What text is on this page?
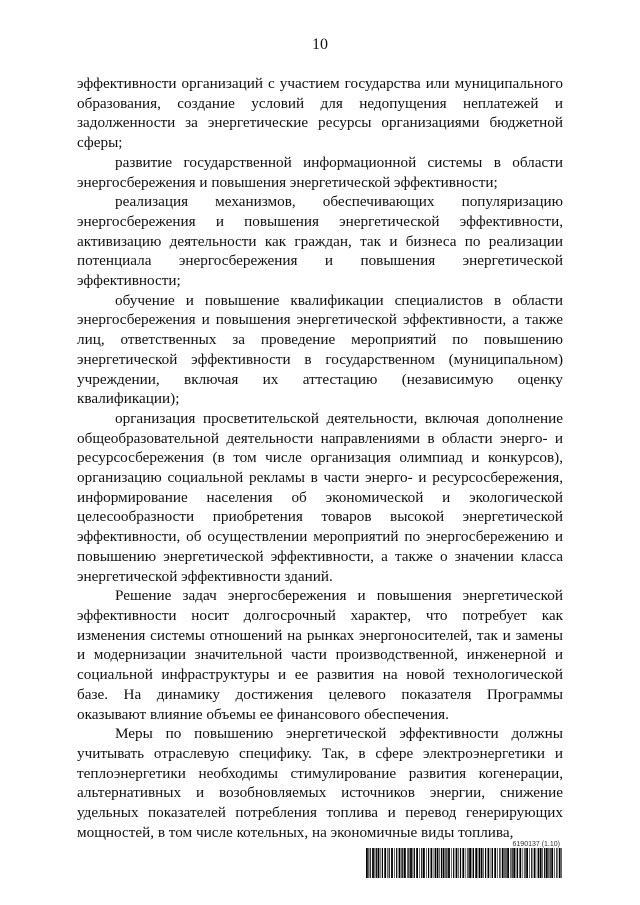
10

эффективности организаций с участием государства или муниципального образования, создание условий для недопущения неплатежей и задолженности за энергетические ресурсы организациями бюджетной сферы;

развитие государственной информационной системы в области энергосбережения и повышения энергетической эффективности;

реализация механизмов, обеспечивающих популяризацию энергосбережения и повышения энергетической эффективности, активизацию деятельности как граждан, так и бизнеса по реализации потенциала энергосбережения и повышения энергетической эффективности;

обучение и повышение квалификации специалистов в области энергосбережения и повышения энергетической эффективности, а также лиц, ответственных за проведение мероприятий по повышению энергетической эффективности в государственном (муниципальном) учреждении, включая их аттестацию (независимую оценку квалификации);

организация просветительской деятельности, включая дополнение общеобразовательной деятельности направлениями в области энерго- и ресурсосбережения (в том числе организация олимпиад и конкурсов), организацию социальной рекламы в части энерго- и ресурсосбережения, информирование населения об экономической и экологической целесообразности приобретения товаров высокой энергетической эффективности, об осуществлении мероприятий по энергосбережению и повышению энергетической эффективности, а также о значении класса энергетической эффективности зданий.

Решение задач энергосбережения и повышения энергетической эффективности носит долгосрочный характер, что потребует как изменения системы отношений на рынках энергоносителей, так и замены и модернизации значительной части производственной, инженерной и социальной инфраструктуры и ее развития на новой технологической базе. На динамику достижения целевого показателя Программы оказывают влияние объемы ее финансового обеспечения.

Меры по повышению энергетической эффективности должны учитывать отраслевую специфику. Так, в сфере электроэнергетики и теплоэнергетики необходимы стимулирование развития когенерации, альтернативных и возобновляемых источников энергии, снижение удельных показателей потребления топлива и перевод генерирующих мощностей, в том числе котельных, на экономичные виды топлива,

6190137 (1.10)
